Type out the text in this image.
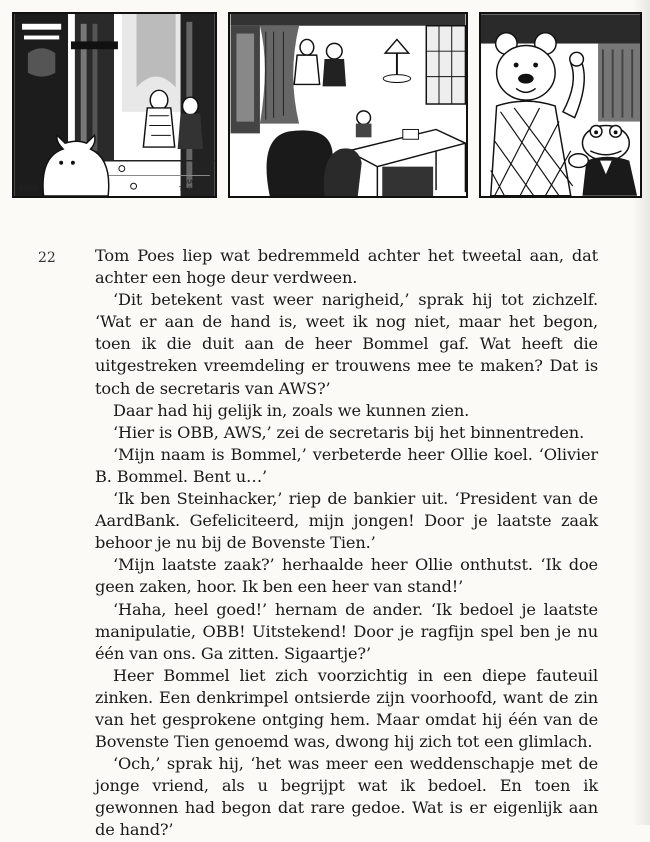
4968
MARTEN
TOONDER
22 Tom Poes liep wat bedremmeld achter het tweetal aan, dat achter een hoge deur verdween.

‘Dit betekent vast weer narigheid,’ sprak hij tot zichzelf. ‘Wat er aan de hand is, weet ik nog niet, maar het begon, toen ik die duit aan de heer Bommel gaf. Wat heeft die uitgestreken vreemdeling er trouwens mee te maken? Dat is toch de secretaris van AWS?’

Daar had hij gelijk in, zoals we kunnen zien.

‘Hier is OBB, AWS,’ zei de secretaris bij het binnentreden.

‘Mijn naam is Bommel,’ verbeterde heer Ollie koel. ‘Olivier B. Bommel. Bent u…’

‘Ik ben Steinhacker,’ riep de bankier uit. ‘President van de AardBank. Gefeliciteerd, mijn jongen! Door je laatste zaak behoor je nu bij de Bovenste Tien.’

‘Mijn laatste zaak?’ herhaalde heer Ollie onthutst. ‘Ik doe geen zaken, hoor. Ik ben een heer van stand!’

‘Haha, heel goed!’ hernam de ander. ‘Ik bedoel je laatste manipulatie, OBB! Uitstekend! Door je ragfijn spel ben je nu één van ons. Ga zitten. Sigaartje?’

Heer Bommel liet zich voorzichtig in een diepe fauteuil zinken. Een denkrimpel ontsierde zijn voorhoofd, want de zin van het gesprokene ontging hem. Maar omdat hij één van de Bovenste Tien genoemd was, dwong hij zich tot een glimlach.

‘Och,’ sprak hij, ‘het was meer een weddenschapje met de jonge vriend, als u begrijpt wat ik bedoel. En toen ik gewonnen had begon dat rare gedoe. Wat is er eigenlijk aan de hand?’
